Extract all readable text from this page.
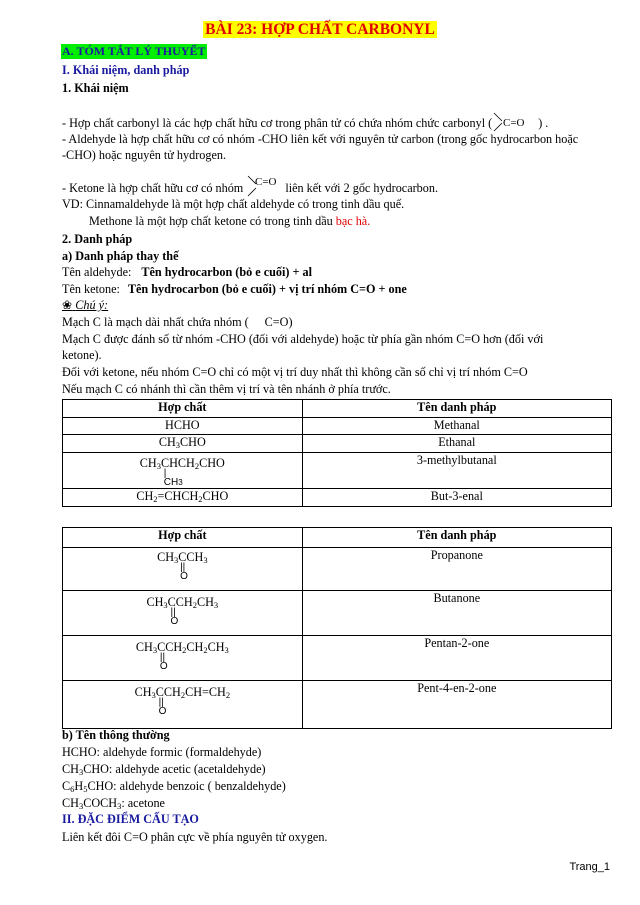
BÀI 23: HỢP CHẤT CARBONYL
A. TÓM TẮT LÝ THUYẾT
I. Khái niệm, danh pháp
1. Khái niệm
- Hợp chất carbonyl là các hợp chất hữu cơ trong phân tử có chứa nhóm chức carbonyl ( C=O ) .
- Aldehyde là hợp chất hữu cơ có nhóm -CHO liên kết với nguyên tử carbon (trong gốc hydrocarbon hoặc
-CHO) hoặc nguyên tử hydrogen.
- Ketone là hợp chất hữu cơ có nhóm C=O liên kết với 2 gốc hydrocarbon.
VD: Cinnamaldehyde là một hợp chất aldehyde có trong tinh dầu quế.
Methone là một hợp chất ketone có trong tinh dầu bạc hà.
2. Danh pháp
a) Danh pháp thay thế
Tên aldehyde: Tên hydrocarbon (bỏ e cuối) + al
Tên ketone: Tên hydrocarbon (bỏ e cuối) + vị trí nhóm C=O + one
❀ Chú ý:
Mạch C là mạch dài nhất chứa nhóm ( C=O)
Mạch C được đánh số từ nhóm -CHO (đối với aldehyde) hoặc từ phía gần nhóm C=O hơn (đối với
ketone).
Đối với ketone, nếu nhóm C=O chỉ có một vị trí duy nhất thì không cần số chỉ vị trí nhóm C=O
Nếu mạch C có nhánh thì cần thêm vị trí và tên nhánh ở phía trước.
Hợp chất	Tên danh pháp
HCHO	Methanal
$CH_3CHO$	Ethanal
$CH_3CHCH_2CHO$
|
CH3	3-methylbutanal
$CH_2=CHCH_2CHO$	But-3-enal
Hợp chất	Tên danh pháp
$CH_3CCH_3$
||
O	Propanone
$CH_3CCH_2CH_3$
||
O	Butanone
$CH_3CCH_2CH_2CH_3$
||
O	Pentan-2-one
$CH_3CCH_2CH=CH_2$
||
O	Pent-4-en-2-one
b) Tên thông thường
HCHO: aldehyde formic (formaldehyde)
$CH_3CHO$: aldehyde acetic (acetaldehyde)
$C_6H_5CHO$: aldehyde benzoic ( benzaldehyde)
$CH_3COCH_3$: acetone
II. ĐẶC ĐIỂM CẤU TẠO
Liên kết đôi C=O phân cực về phía nguyên tử oxygen.
Trang_1
